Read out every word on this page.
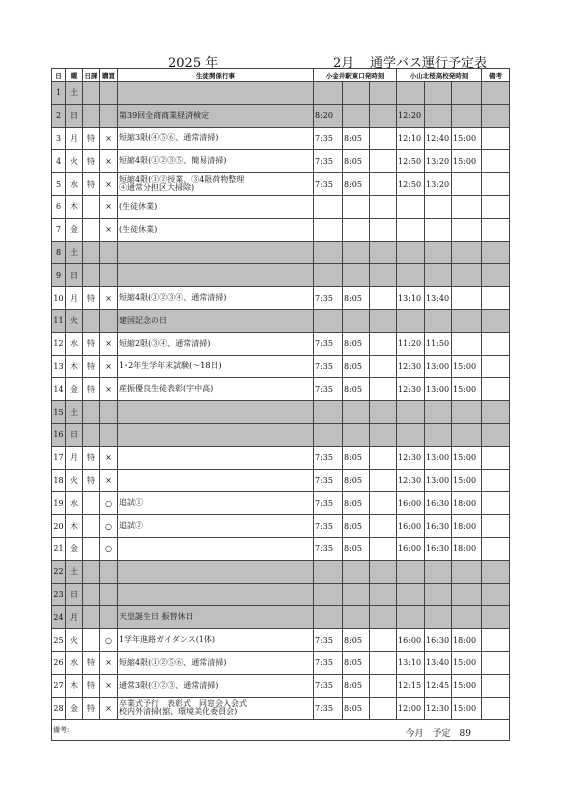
2025 年	2月 通学バス運行予定表
日	曜	日課	購買	生徒関係行事	小金井駅東口発時刻			小山北桜高校発時刻			備考
1	土										
2	日			第39回全商商業経済検定	8:20			12:20			
3	月	特	×	短縮3限(④⑤⑥、通常清掃)	7:35	8:05		12:10	12:40	15:00	
4	火	特	×	短縮4限(①②③⑤、簡易清掃)	7:35	8:05		12:50	13:20	15:00	
5	水	特	×	短縮4限(①②授業、③4限荷物整理
④通常分担区大掃除)	7:35	8:05		12:50	13:20		
6	木		×	(生徒休業)							
7	金		×	(生徒休業)							
8	土										
9	日										
10	月	特	×	短縮4限(①②③④、通常清掃)	7:35	8:05		13:10	13:40		
11	火			建国記念の日							
12	水	特	×	短縮2限(③④、通常清掃)	7:35	8:05		11:20	11:50		
13	木	特	×	1･2年生学年末試験(～18日)	7:35	8:05		12:30	13:00	15:00	
14	金	特	×	産振優良生徒表彰(宇中高)	7:35	8:05		12:30	13:00	15:00	
15	土										
16	日										
17	月	特	×		7:35	8:05		12:30	13:00	15:00	
18	火	特	×		7:35	8:05		12:30	13:00	15:00	
19	水		○	追試①	7:35	8:05		16:00	16:30	18:00	
20	木		○	追試②	7:35	8:05		16:00	16:30	18:00	
21	金		○		7:35	8:05		16:00	16:30	18:00	
22	土										
23	日										
24	月			天皇誕生日 振替休日							
25	火		○	1学年進路ガイダンス(1体)	7:35	8:05		16:00	16:30	18:00	
26	水	特	×	短縮4限(①②⑤⑥、通常清掃)	7:35	8:05		13:10	13:40	15:00	
27	木	特	×	通常3限(①②③、通常清掃)	7:35	8:05		12:15	12:45	15:00	
28	金	特	×	卒業式予行　表彰式　同窓会入会式
校内外清掃(舘、環境美化委員会)	7:35	8:05		12:00	12:30	15:00	
備考: 今月　予定　89											
